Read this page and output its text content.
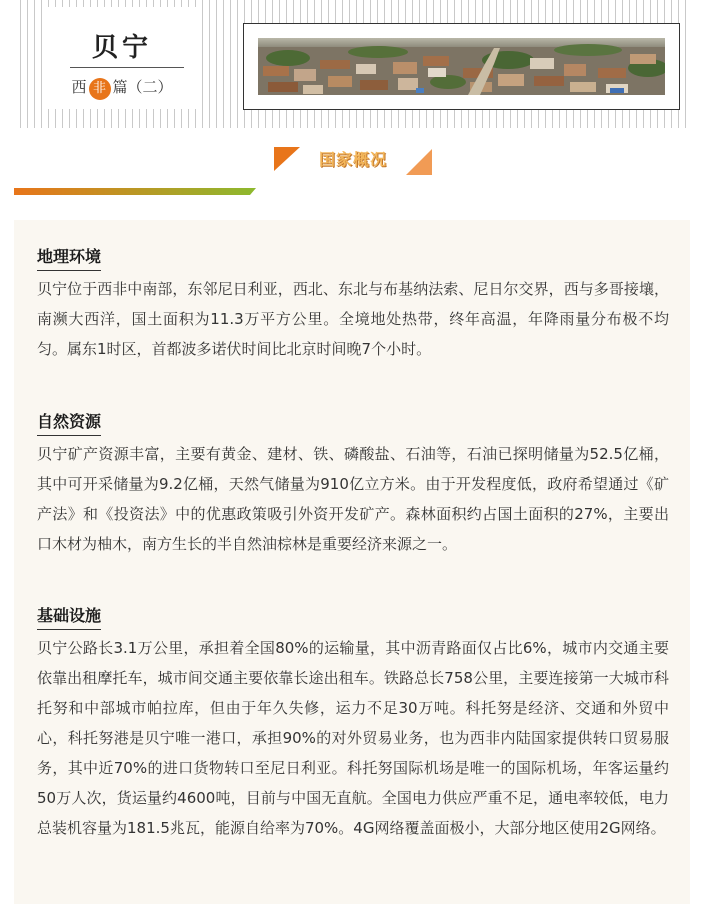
贝宁
西 非 篇（二）
国家概况
地理环境

贝宁位于西非中南部，东邻尼日利亚，西北、东北与布基纳法索、尼日尔交界，西与多哥接壤，南濒大西洋，国土面积为11.3万平方公里。全境地处热带，终年高温，年降雨量分布极不均匀。属东1时区，首都波多诺伏时间比北京时间晚7个小时。

自然资源

贝宁矿产资源丰富，主要有黄金、建材、铁、磷酸盐、石油等，石油已探明储量为52.5亿桶，其中可开采储量为9.2亿桶，天然气储量为910亿立方米。由于开发程度低，政府希望通过《矿产法》和《投资法》中的优惠政策吸引外资开发矿产。森林面积约占国土面积的27%，主要出口木材为柚木，南方生长的半自然油棕林是重要经济来源之一。

基础设施

贝宁公路长3.1万公里，承担着全国80%的运输量，其中沥青路面仅占比6%，城市内交通主要依靠出租摩托车，城市间交通主要依靠长途出租车。铁路总长758公里，主要连接第一大城市科托努和中部城市帕拉库，但由于年久失修，运力不足30万吨。科托努是经济、交通和外贸中心，科托努港是贝宁唯一港口，承担90%的对外贸易业务，也为西非内陆国家提供转口贸易服务，其中近70%的进口货物转口至尼日利亚。科托努国际机场是唯一的国际机场，年客运量约50万人次，货运量约4600吨，目前与中国无直航。全国电力供应严重不足，通电率较低，电力总装机容量为181.5兆瓦，能源自给率为70%。4G网络覆盖面极小，大部分地区使用2G网络。
